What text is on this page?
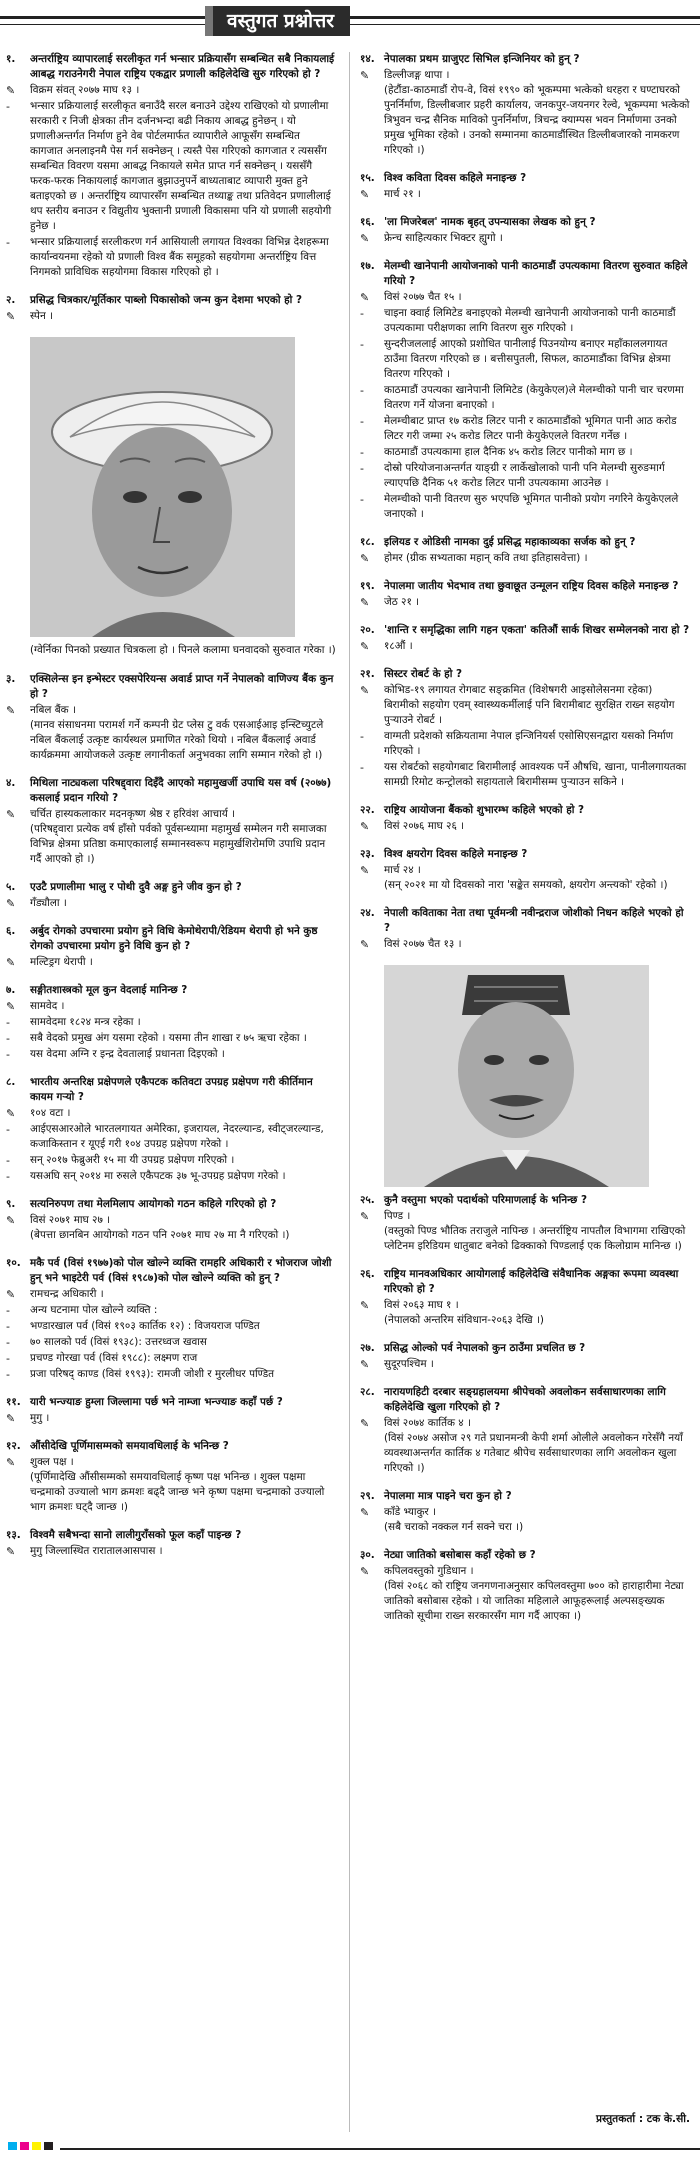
वस्तुगत प्रश्नोत्तर
१.	अन्तर्राष्ट्रिय व्यापारलाई सरलीकृत गर्न भन्सार प्रक्रियासँग सम्बन्धित सबै निकायलाई आबद्ध गराउनेगरी नेपाल राष्ट्रिय एकद्वार प्रणाली कहिलेदेखि सुरु गरिएको हो ?
✎	विक्रम संवत् २०७७ माघ १३ ।
-	भन्सार प्रक्रियालाई सरलीकृत बनाउँदै सरल बनाउने उद्देश्य राखिएको यो प्रणालीमा सरकारी र निजी क्षेत्रका तीन दर्जनभन्दा बढी निकाय आबद्ध हुनेछन् । यो प्रणालीअन्तर्गत निर्माण हुने वेब पोर्टलमार्फत व्यापारीले आफूसँग सम्बन्धित कागजात अनलाइनमै पेस गर्न सक्नेछन् । त्यस्तै पेस गरिएको कागजात र त्यससँग सम्बन्धित विवरण यसमा आबद्ध निकायले समेत प्राप्त गर्न सक्नेछन् । यससँगै फरक-फरक निकायलाई कागजात बुझाउनुपर्ने बाध्यताबाट व्यापारी मुक्त हुने बताइएको छ । अन्तर्राष्ट्रिय व्यापारसँग सम्बन्धित तथ्याङ्क तथा प्रतिवेदन प्रणालीलाई थप स्तरीय बनाउन र विद्युतीय भुक्तानी प्रणाली विकासमा पनि यो प्रणाली सहयोगी हुनेछ ।
-	भन्सार प्रक्रियालाई सरलीकरण गर्न आसियाली लगायत विश्वका विभिन्न देशहरूमा कार्यान्वयनमा रहेको यो प्रणाली विश्व बैंक समूहको सहयोगमा अन्तर्राष्ट्रिय वित्त निगमको प्राविधिक सहयोगमा विकास गरिएको हो ।
२.	प्रसिद्ध चित्रकार/मूर्तिकार पाब्लो पिकासोको जन्म कुन देशमा भएको हो ?
✎	स्पेन ।
(ग्वेर्निका पिनको प्रख्यात चित्रकला हो । पिनले कलामा घनवादको सुरुवात गरेका ।)
३.	एक्सिलेन्स इन इन्भेस्टर एक्सपेरियन्स अवार्ड प्राप्त गर्ने नेपालको वाणिज्य बैंक कुन हो ?
✎	नबिल बैंक ।
(मानव संसाधनमा परामर्श गर्ने कम्पनी ग्रेट प्लेस टु वर्क एसआईआइ इन्स्टिच्युटले नबिल बैंकलाई उत्कृष्ट कार्यस्थल प्रमाणित गरेको थियो । नबिल बैंकलाई अवार्ड कार्यक्रममा आयोजकले उत्कृष्ट लगानीकर्ता अनुभवका लागि सम्मान गरेको हो ।)
४.	मिथिला नाट्यकला परिषद्द्वारा दिइँदै आएको महामुखर्जी उपाधि यस वर्ष (२०७७) कसलाई प्रदान गरियो ?
✎	चर्चित हास्यकलाकार मदनकृष्ण श्रेष्ठ र हरिवंश आचार्य ।
(परिषद्द्वारा प्रत्येक वर्ष हाँसो पर्वको पूर्वसन्ध्यामा महामुर्ख सम्मेलन गरी समाजका विभिन्न क्षेत्रमा प्रतिष्ठा कमाएकालाई सम्मानस्वरूप महामुर्खशिरोमणि उपाधि प्रदान गर्दै आएको हो ।)
५.	एउटै प्रणालीमा भालु र पोथी दुवै अङ्ग हुने जीव कुन हो ?
✎	गँड्यौला ।
६.	अर्बुद रोगको उपचारमा प्रयोग हुने विधि केमोथेरापी/रेडियम थेरापी हो भने कुष्ठ रोगको उपचारमा प्रयोग हुने विधि कुन हो ?
✎	मल्टिड्रग थेरापी ।
७.	सङ्गीतशास्त्रको मूल कुन वेदलाई मानिन्छ ?
✎	सामवेद ।
-	सामवेदमा १८२४ मन्त्र रहेका ।
-	सबै वेदको प्रमुख अंग यसमा रहेको । यसमा तीन शाखा र ७५ ऋचा रहेका ।
-	यस वेदमा अग्नि र इन्द्र देवतालाई प्रधानता दिइएको ।
८.	भारतीय अन्तरिक्ष प्रक्षेपणले एकैपटक कतिवटा उपग्रह प्रक्षेपण गरी कीर्तिमान कायम गऱ्यो ?
✎	१०४ वटा ।
-	आईएसआरओले भारतलगायत अमेरिका, इजरायल, नेदरल्यान्ड, स्वीट्जरल्यान्ड, कजाकिस्तान र यूएई गरी १०४ उपग्रह प्रक्षेपण गरेको ।
-	सन् २०१७ फेब्रुअरी १५ मा यी उपग्रह प्रक्षेपण गरिएको ।
-	यसअघि सन् २०१४ मा रुसले एकैपटक ३७ भू-उपग्रह प्रक्षेपण गरेको ।
९.	सत्यनिरुपण तथा मेलमिलाप आयोगको गठन कहिले गरिएको हो ?
✎	विसं २०७१ माघ २७ ।
(बेपत्ता छानबिन आयोगको गठन पनि २०७१ माघ २७ मा नै गरिएको ।)
१०. मकै पर्व (विसं १९७७)को पोल खोल्ने व्यक्ति रामहरि अधिकारी र भोजराज जोशी हुन् भने भाइटेरी पर्व (विसं १९८७)को पोल खोल्ने व्यक्ति को हुन् ?
✎	रामचन्द्र अधिकारी ।
-	अन्य घटनामा पोल खोल्ने व्यक्ति :
-	भण्डारखाल पर्व (विसं १९०३ कार्तिक १२) : विजयराज पण्डित
-	७० सालको पर्व (विसं १९३८): उत्तरध्वज खवास
-	प्रचण्ड गोरखा पर्व (विसं १९८८): लक्ष्मण राज
-	प्रजा परिषद् काण्ड (विसं १९९३): रामजी जोशी र मुरलीधर पण्डित
११. यारी भन्ज्याङ हुम्ला जिल्लामा पर्छ भने नाम्जा भन्ज्याङ कहाँ पर्छ ?
✎	मुगु ।
१२. औंसीदेखि पूर्णिमासम्मको समयावधिलाई के भनिन्छ ?
✎	शुक्ल पक्ष ।
(पूर्णिमादेखि औंसीसम्मको समयावधिलाई कृष्ण पक्ष भनिन्छ । शुक्ल पक्षमा चन्द्रमाको उज्यालो भाग क्रमशः बढ्दै जान्छ भने कृष्ण पक्षमा चन्द्रमाको उज्यालो भाग क्रमशः घट्दै जान्छ ।)
१३. विश्वमै सबैभन्दा सानो लालीगुराँसको फूल कहाँ पाइन्छ ?
✎	मुगु जिल्लास्थित रारातालआसपास ।
१४. नेपालका प्रथम ग्राजुएट सिभिल इन्जिनियर को हुन् ?
✎	डिल्लीजङ्ग थापा ।
(हेटौंडा-काठमाडौं रोप-वे, विसं १९९० को भूकम्पमा भत्केको धरहरा र घण्टाघरको पुनर्निर्माण, डिल्लीबजार प्रहरी कार्यालय, जनकपुर-जयनगर रेल्वे, भूकम्पमा भत्केको त्रिभुवन चन्द्र सैनिक माविको पुनर्निर्माण, त्रिचन्द्र क्याम्पस भवन निर्माणमा उनको प्रमुख भूमिका रहेको । उनको सम्मानमा काठमाडौंस्थित डिल्लीबजारको नामकरण गरिएको ।)
१५. विश्व कविता दिवस कहिले मनाइन्छ ?
✎	मार्च २१ ।
१६. 'ला मिजरेबल' नामक बृहत् उपन्यासका लेखक को हुन् ?
✎	फ्रेन्च साहित्यकार भिक्टर ह्युगो ।
१७. मेलम्ची खानेपानी आयोजनाको पानी काठमाडौं उपत्यकामा वितरण सुरुवात कहिले गरियो ?
✎	विसं २०७७ चैत १५ ।
-	चाइना क्वार्ह लिमिटेड बनाइएको मेलम्ची खानेपानी आयोजनाको पानी काठमाडौं उपत्यकामा परीक्षणका लागि वितरण सुरु गरिएको ।
-	सुन्दरीजललाई आएको प्रशोधित पानीलाई पिउनयोग्य बनाएर महाँकाललगायत ठाउँमा वितरण गरिएको छ । बत्तीसपुतली, सिफल, काठमाडौंका विभिन्न क्षेत्रमा वितरण गरिएको ।
-	काठमाडौं उपत्यका खानेपानी लिमिटेड (केयुकेएल)ले मेलम्चीको पानी चार चरणमा वितरण गर्ने योजना बनाएको ।
-	मेलम्चीबाट प्राप्त १७ करोड लिटर पानी र काठमाडौंको भूमिगत पानी आठ करोड लिटर गरी जम्मा २५ करोड लिटर पानी केयुकेएलले वितरण गर्नेछ ।
-	काठमाडौं उपत्यकामा हाल दैनिक ४५ करोड लिटर पानीको माग छ ।
-	दोस्रो परियोजनाअन्तर्गत याङ्ग्री र लार्केखोलाको पानी पनि मेलम्ची सुरुङमार्ग ल्याएपछि दैनिक ५१ करोड लिटर पानी उपत्यकामा आउनेछ ।
-	मेलम्चीको पानी वितरण सुरु भएपछि भूमिगत पानीको प्रयोग नगरिने केयुकेएलले जनाएको ।
१८. इलियड र ओडिसी नामका दुई प्रसिद्ध महाकाव्यका सर्जक को हुन् ?
✎	होमर (ग्रीक सभ्यताका महान् कवि तथा इतिहासवेत्ता) ।
१९. नेपालमा जातीय भेदभाव तथा छुवाछूत उन्मूलन राष्ट्रिय दिवस कहिले मनाइन्छ ?
✎	जेठ २१ ।
२०. 'शान्ति र समृद्धिका लागि गहन एकता' कतिऔं सार्क शिखर सम्मेलनको नारा हो ?
✎	१८औं ।
२१. सिस्टर रोबर्ट के हो ?
✎	कोभिड-१९ लगायत रोगबाट सङ्क्रमित (विशेषगरी आइसोलेसनमा रहेका) बिरामीको सहयोग एवम् स्वास्थ्यकर्मीलाई पनि बिरामीबाट सुरक्षित राख्न सहयोग पुऱ्याउने रोबर्ट ।
-	वाग्मती प्रदेशको सक्रियतामा नेपाल इन्जिनियर्स एसोसिएसनद्वारा यसको निर्माण गरिएको ।
-	यस रोबर्टको सहयोगबाट बिरामीलाई आवश्यक पर्ने औषधि, खाना, पानीलगायतका सामग्री रिमोट कन्ट्रोलको सहायताले बिरामीसम्म पुऱ्याउन सकिने ।
२२. राष्ट्रिय आयोजना बैंकको शुभारम्भ कहिले भएको हो ?
✎	विसं २०७६ माघ २६ ।
२३. विश्व क्षयरोग दिवस कहिले मनाइन्छ ?
✎	मार्च २४ ।
(सन् २०२१ मा यो दिवसको नारा 'सङ्केत समयको, क्षयरोग अन्त्यको' रहेको ।)
२४. नेपाली कविताका नेता तथा पूर्वमन्त्री नवीन्द्रराज जोशीको निधन कहिले भएको हो ?
✎	विसं २०७७ चैत १३ ।
२५. कुनै वस्तुमा भएको पदार्थको परिमाणलाई के भनिन्छ ?
✎	पिण्ड ।
(वस्तुको पिण्ड भौतिक तराजुले नापिन्छ । अन्तर्राष्ट्रिय नापतौल विभागमा राखिएको प्लेटिनम इरिडियम धातुबाट बनेको ढिक्काको पिण्डलाई एक किलोग्राम मानिन्छ ।)
२६. राष्ट्रिय मानवअधिकार आयोगलाई कहिलेदेखि संवैधानिक अङ्गका रूपमा व्यवस्था गरिएको हो ?
✎	विसं २०६३ माघ १ ।
(नेपालको अन्तरिम संविधान-२०६३ देखि ।)
२७. प्रसिद्ध ओल्को पर्व नेपालको कुन ठाउँमा प्रचलित छ ?
✎	सुदूरपश्चिम ।
२८. नारायणहिटी दरबार सङ्ग्रहालयमा श्रीपेचको अवलोकन सर्वसाधारणका लागि कहिलेदेखि खुला गरिएको हो ?
✎	विसं २०७४ कार्तिक ४ ।
(विसं २०७४ असोज २९ गते प्रधानमन्त्री केपी शर्मा ओलीले अवलोकन गरेसँगै नयाँ व्यवस्थाअन्तर्गत कार्तिक ४ गतेबाट श्रीपेच सर्वसाधारणका लागि अवलोकन खुला गरिएको ।)
२९. नेपालमा मात्र पाइने चरा कुन हो ?
✎	काँडे भ्याकुर ।
(सबै चराको नक्कल गर्न सक्ने चरा ।)
३०. नेट्या जातिको बसोबास कहाँ रहेको छ ?
✎	कपिलवस्तुको गुडिधान ।
(विसं २०६८ को राष्ट्रिय जनगणनाअनुसार कपिलवस्तुमा ७०० को हाराहारीमा नेट्या जातिको बसोबास रहेको । यो जातिका महिलाले आफूहरूलाई अल्पसङ्ख्यक जातिको सूचीमा राख्न सरकारसँग माग गर्दै आएका ।)
प्रस्तुतकर्ता : टक के.सी.
